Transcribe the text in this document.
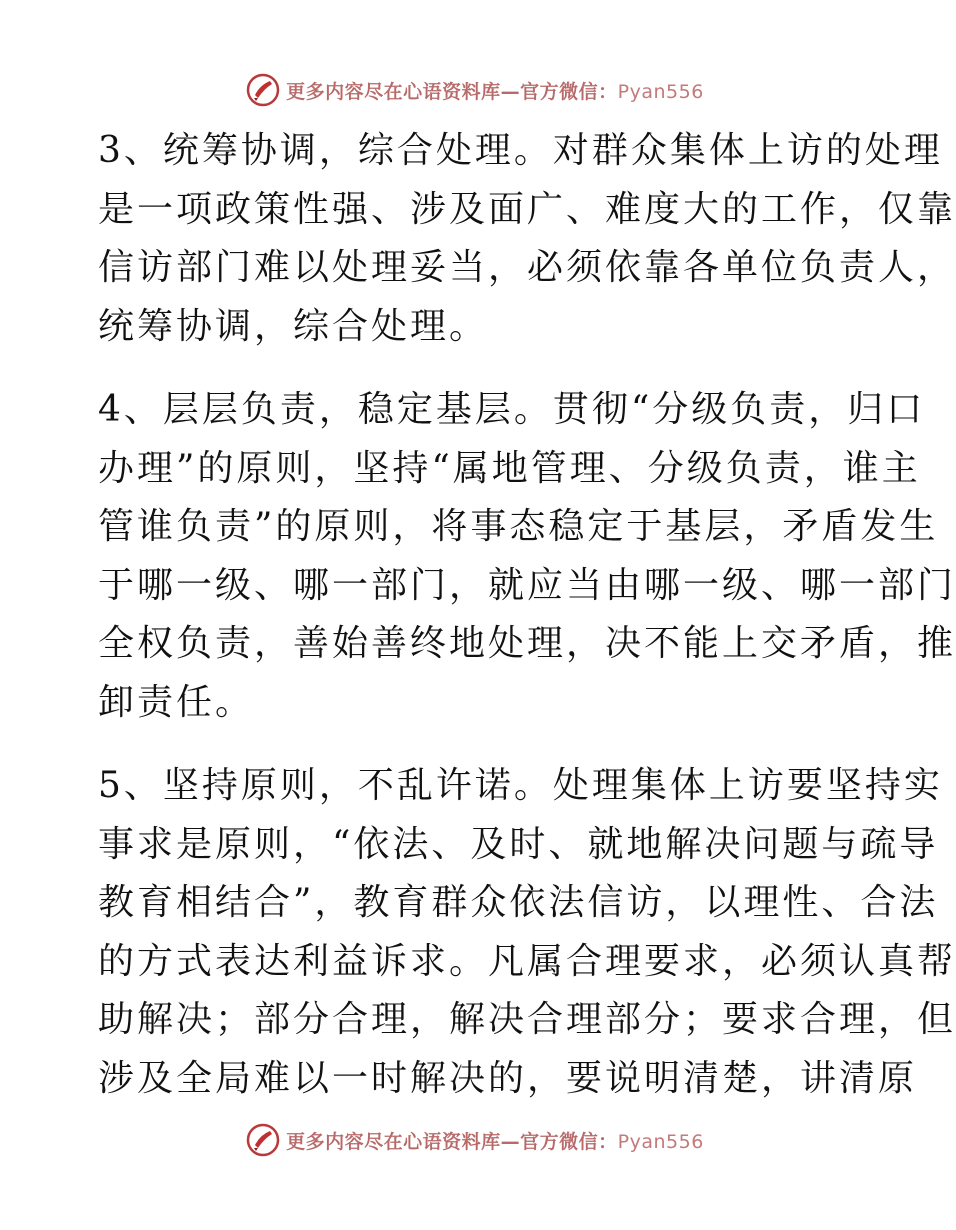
更多内容尽在心语资料库—官方微信：Pyan556
3、统筹协调，综合处理。对群众集体上访的处理
是一项政策性强、涉及面广、难度大的工作，仅靠
信访部门难以处理妥当，必须依靠各单位负责人，
统筹协调，综合处理。
4、层层负责，稳定基层。贯彻“分级负责，归口
办理”的原则，坚持“属地管理、分级负责，谁主
管谁负责”的原则，将事态稳定于基层，矛盾发生
于哪一级、哪一部门，就应当由哪一级、哪一部门
全权负责，善始善终地处理，决不能上交矛盾，推
卸责任。
5、坚持原则，不乱许诺。处理集体上访要坚持实
事求是原则，“依法、及时、就地解决问题与疏导
教育相结合”，教育群众依法信访，以理性、合法
的方式表达利益诉求。凡属合理要求，必须认真帮
助解决；部分合理，解决合理部分；要求合理，但
涉及全局难以一时解决的，要说明清楚，讲清原
更多内容尽在心语资料库—官方微信：Pyan556
